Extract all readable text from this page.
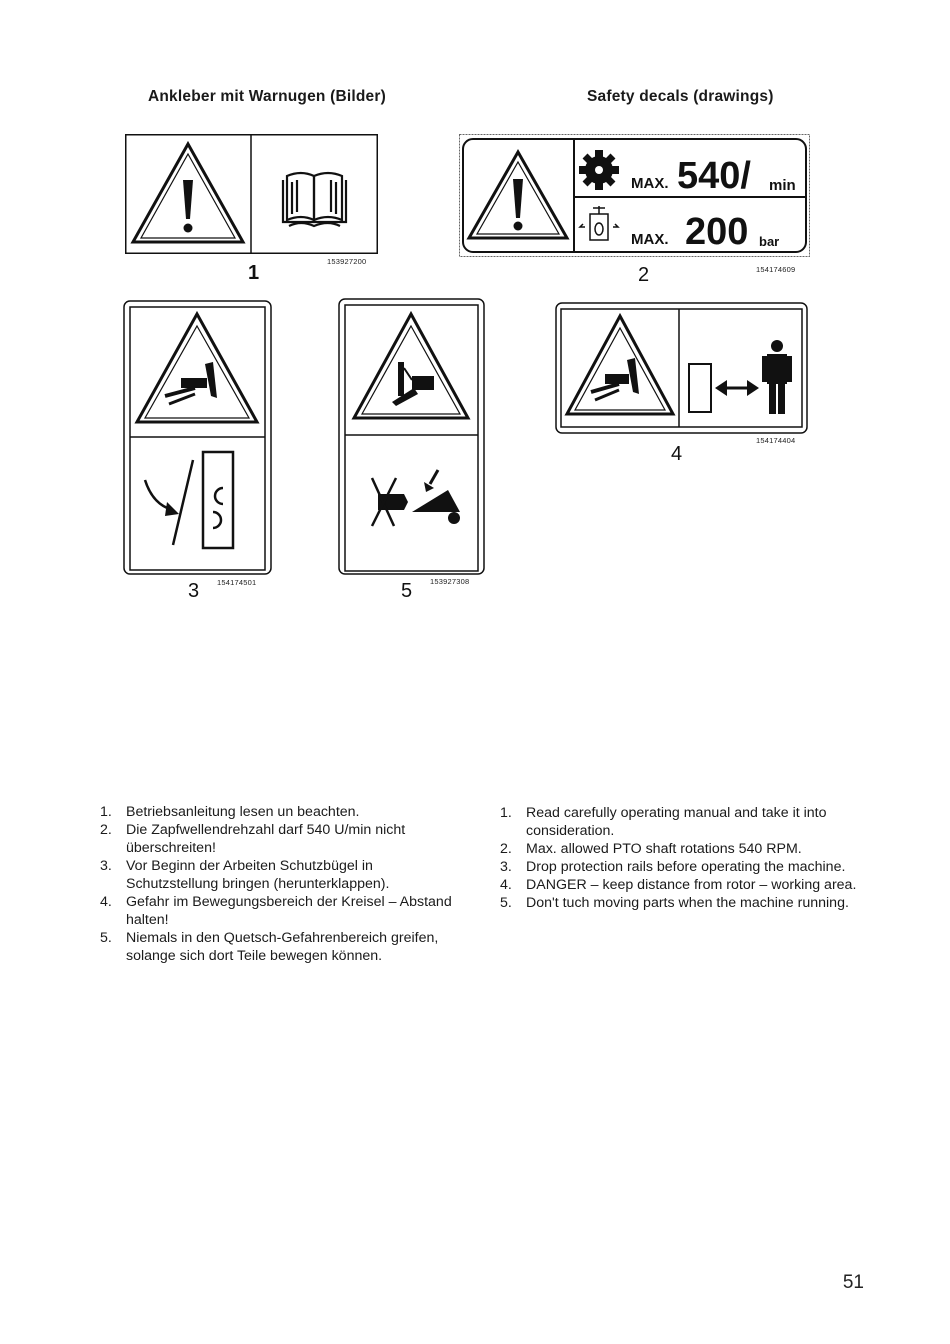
Ankleber mit Warnugen (Bilder)	Safety decals (drawings)
1
153927200
MAX. 540/ min
MAX. 200 bar
2	154174609
3 154174501	5 153927308
4
154174404
1. Betriebsanleitung lesen un beachten.
2. Die Zapfwellendrehzahl darf 540 U/min nicht überschreiten!
3. Vor Beginn der Arbeiten Schutzbügel in Schutzstellung bringen (herunterklappen).
4. Gefahr im Bewegungsbereich der Kreisel – Abstand halten!
5. Niemals in den Quetsch-Gefahrenbereich greifen, solange sich dort Teile bewegen können.
1. Read carefully operating manual and take it into consideration.
2. Max. allowed PTO shaft rotations 540 RPM.
3. Drop protection rails before operating the machine.
4. DANGER – keep distance from rotor – working area.
5. Don't tuch moving parts when the machine running.
51
